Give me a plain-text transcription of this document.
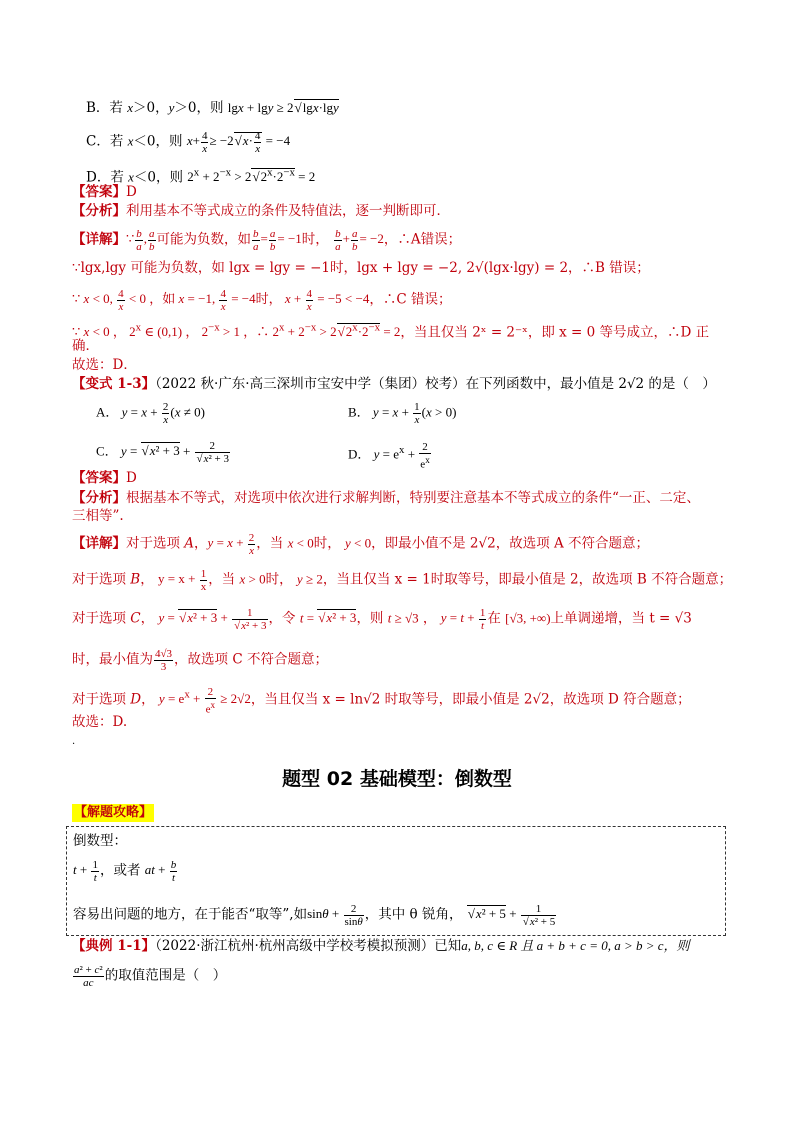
B．若 x＞0，y＞0，则 lgx + lgy ≥ 2√ lgx·lgy
C．若 x＜0，则 $x+ \frac{4}{x} \ge -2√$ $x\cdot \frac{4}{x} = -4$
D．若 x＜0，则 $2^x + 2^{-x} > 2√$ $2^x\cdot 2^{-x} = 2$
【答案】D
【分析】利用基本不等式成立的条件及特值法，逐一判断即可．
【详解】∵ $\frac{b}{a}$ , $\frac{a}{b}$ 可能为负数，如 $\frac{b}{a} = \frac{a}{b} = -1$时， $\frac{b}{a} + \frac{a}{b} = -2$，∴A错误；
∵lgx,lgy 可能为负数，如 lgx = lgy = −1时，lgx + lgy = −2, 2√(lgx·lgy) = 2，∴B 错误；
∵ x < 0, $\frac{4}{x} < 0$ ，如 x = −1, $\frac{4}{x} = -4$时， $x + \frac{4}{x} = -5 < -4$，∴C 错误；
∵ x < 0 ， 2$^x$ ∈ (0,1) ， $2^{-x} > 1$ ，∴ $2^x + 2^{-x} > 2√$ $2^x\cdot 2^{-x} = 2$，当且仅当 2ˣ = 2⁻ˣ，即 x = 0 等号成立，∴D 正
确．
故选：D．
【变式 1-3】（2022 秋·广东·高三深圳市宝安中学（集团）校考）在下列函数中，最小值是 2√2 的是（　）
A． $y = x + \frac{2}{x} (x \ne 0)$	B． $y = x + \frac{1}{x} (x > 0)$
C． y = √ x² + 3 + 2
√ x² + 3	D． $y = e^x + \frac{2}{e^x}$
【答案】D
【分析】根据基本不等式，对选项中依次进行求解判断，特别要注意基本不等式成立的条件“一正、二定、
三相等”.
【详解】对于选项 A，$y = x + \frac{2}{x}$ ，当 x < 0时， y < 0，即最小值不是 2√2，故选项 A 不符合题意；
对于选项 B， $y = x + \frac{1}{x}$ ，当 x > 0时， y ≥ 2，当且仅当 x = 1时取等号，即最小值是 2，故选项 B 不符合题意；
对于选项 C， y = √ x² + 3 + 1
√ x² + 3 ，令 t = √ x² + 3，则 t ≥ √3 ， $y = t + \frac{1}{t}$ 在 [√3, +∞)上单调递增，当 t = √3
时，最小值为 $\frac{4√3}{3}$ ，故选项 C 不符合题意；
对于选项 D， $y = e^x + \frac{2}{e^x} \ge 2√2$，当且仅当 x = ln√2 时取等号，即最小值是 2√2，故选项 D 符合题意；
故选：D.
.
题型 02 基础模型：倒数型
【解题攻略】
倒数型：
$t + \frac{1}{t}$ ，或者 at + $\frac{b}{t}$
容易出问题的地方，在于能否“取等”,如$\sin\theta + \frac{2}{\sin\theta}$ ，其中 θ 锐角， √ x² + 5 + 1
√ x² + 5
【典例 1-1】（2022·浙江杭州·杭州高级中学校考模拟预测）已知a, b, c ∈ R 且 a + b + c = 0, a > b > c，则
$\frac{\text{a² + c²}}{ac}$ 的取值范围是（　）
